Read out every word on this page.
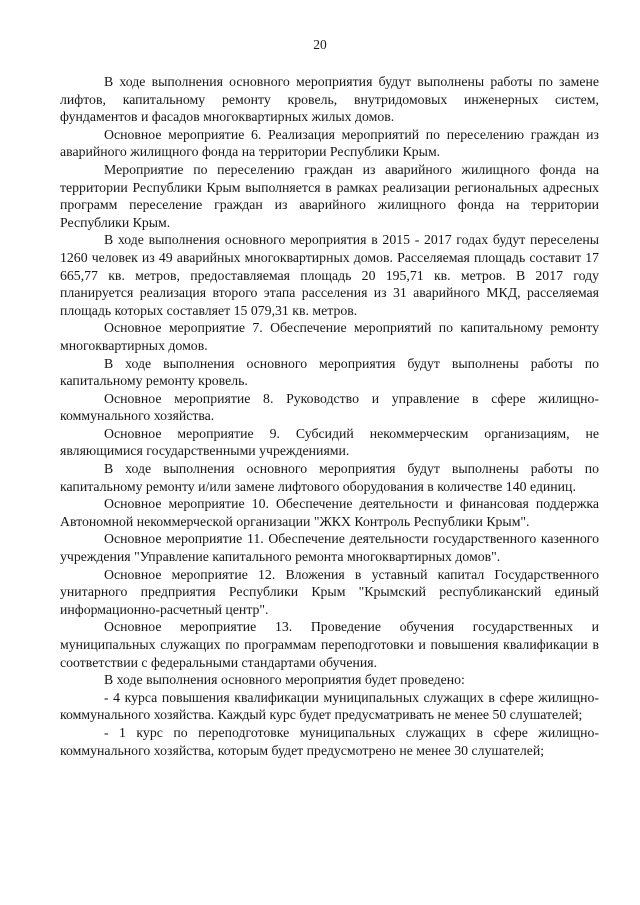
20

В ходе выполнения основного мероприятия будут выполнены работы по замене лифтов, капитальному ремонту кровель, внутридомовых инженерных систем, фундаментов и фасадов многоквартирных жилых домов.

Основное мероприятие 6. Реализация мероприятий по переселению граждан из аварийного жилищного фонда на территории Республики Крым.

Мероприятие по переселению граждан из аварийного жилищного фонда на территории Республики Крым выполняется в рамках реализации региональных адресных программ переселение граждан из аварийного жилищного фонда на территории Республики Крым.

В ходе выполнения основного мероприятия в 2015 - 2017 годах будут переселены 1260 человек из 49 аварийных многоквартирных домов. Расселяемая площадь составит 17 665,77 кв. метров, предоставляемая площадь 20 195,71 кв. метров. В 2017 году планируется реализация второго этапа расселения из 31 аварийного МКД, расселяемая площадь которых составляет 15 079,31 кв. метров.

Основное мероприятие 7. Обеспечение мероприятий по капитальному ремонту многоквартирных домов.

В ходе выполнения основного мероприятия будут выполнены работы по капитальному ремонту кровель.

Основное мероприятие 8. Руководство и управление в сфере жилищно-коммунального хозяйства.

Основное мероприятие 9. Субсидий некоммерческим организациям, не являющимися государственными учреждениями.

В ходе выполнения основного мероприятия будут выполнены работы по капитальному ремонту и/или замене лифтового оборудования в количестве 140 единиц.

Основное мероприятие 10. Обеспечение деятельности и финансовая поддержка Автономной некоммерческой организации "ЖКХ Контроль Республики Крым".

Основное мероприятие 11. Обеспечение деятельности государственного казенного учреждения "Управление капитального ремонта многоквартирных домов".

Основное мероприятие 12. Вложения в уставный капитал Государственного унитарного предприятия Республики Крым "Крымский республиканский единый информационно-расчетный центр".

Основное мероприятие 13. Проведение обучения государственных и муниципальных служащих по программам переподготовки и повышения квалификации в соответствии с федеральными стандартами обучения.

В ходе выполнения основного мероприятия будет проведено:

- 4 курса повышения квалификации муниципальных служащих в сфере жилищно-коммунального хозяйства. Каждый курс будет предусматривать не менее 50 слушателей;

- 1 курс по переподготовке муниципальных служащих в сфере жилищно-коммунального хозяйства, которым будет предусмотрено не менее 30 слушателей;
